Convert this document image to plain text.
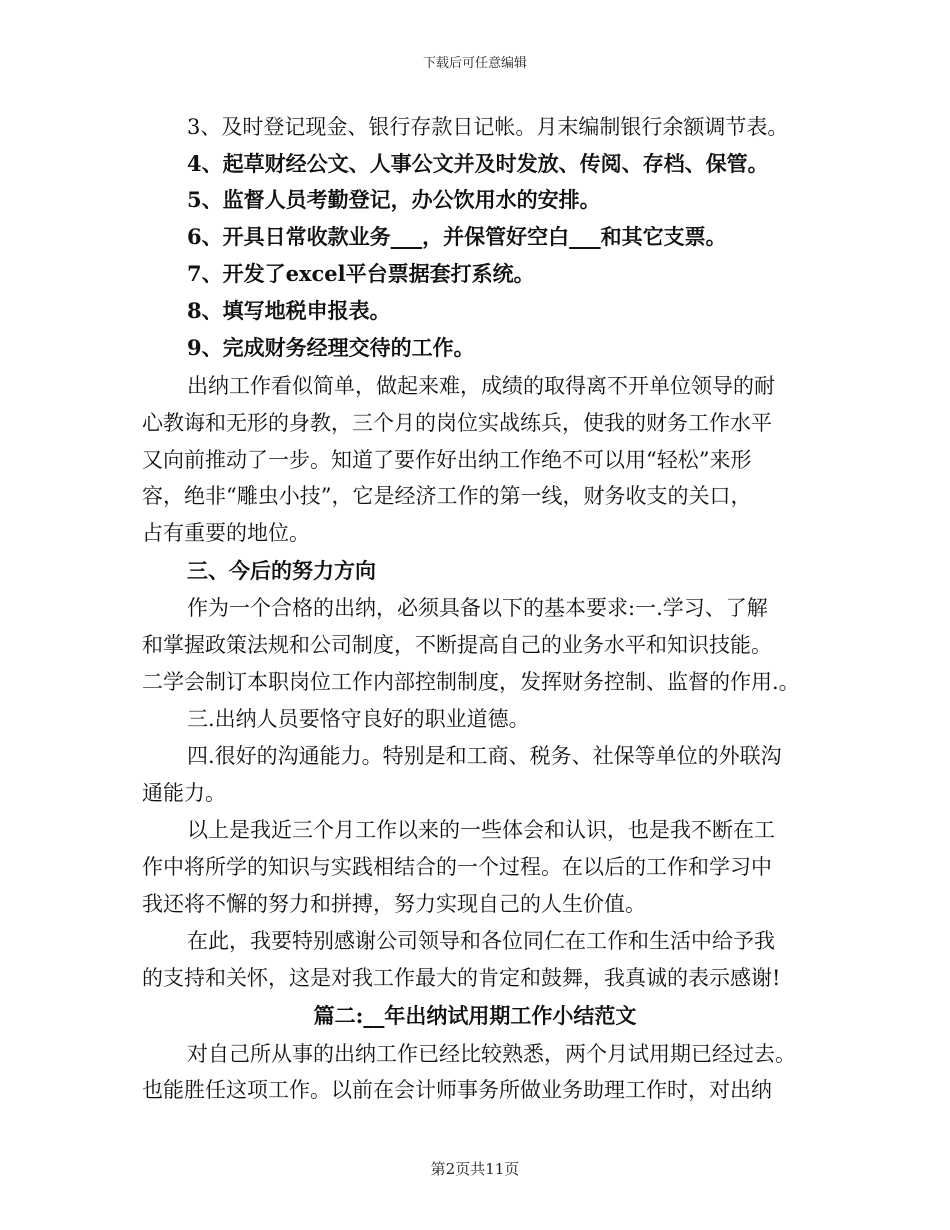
下载后可任意编辑
3、及时登记现金、银行存款日记帐。月末编制银行余额调节表。
4、起草财经公文、人事公文并及时发放、传阅、存档、保管。
5、监督人员考勤登记，办公饮用水的安排。
6、开具日常收款业务___，并保管好空白___和其它支票。
7、开发了excel平台票据套打系统。
8、填写地税申报表。
9、完成财务经理交待的工作。
出纳工作看似简单，做起来难，成绩的取得离不开单位领导的耐
心教诲和无形的身教，三个月的岗位实战练兵，使我的财务工作水平
又向前推动了一步。知道了要作好出纳工作绝不可以用“轻松”来形
容，绝非“雕虫小技”，它是经济工作的第一线，财务收支的关口，
占有重要的地位。
三、今后的努力方向
作为一个合格的出纳，必须具备以下的基本要求:一.学习、了解
和掌握政策法规和公司制度，不断提高自己的业务水平和知识技能。
二学会制订本职岗位工作内部控制制度，发挥财务控制、监督的作用.。
三.出纳人员要恪守良好的职业道德。
四.很好的沟通能力。特别是和工商、税务、社保等单位的外联沟
通能力。
以上是我近三个月工作以来的一些体会和认识，也是我不断在工
作中将所学的知识与实践相结合的一个过程。在以后的工作和学习中
我还将不懈的努力和拼搏，努力实现自己的人生价值。
在此，我要特别感谢公司领导和各位同仁在工作和生活中给予我
的支持和关怀，这是对我工作最大的肯定和鼓舞，我真诚的表示感谢!
篇二:__年出纳试用期工作小结范文
对自己所从事的出纳工作已经比较熟悉，两个月试用期已经过去。
也能胜任这项工作。以前在会计师事务所做业务助理工作时，对出纳
第2页共11页
